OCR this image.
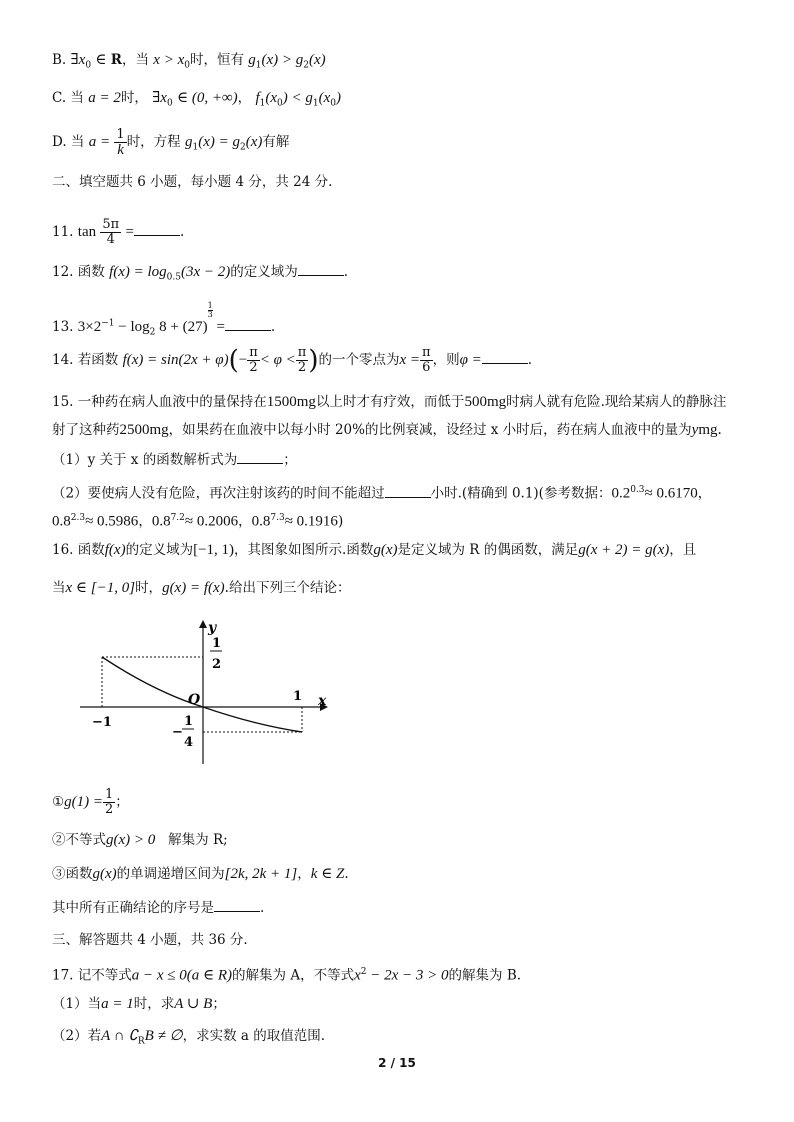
B. $\exists x_0$ ∈ R，当 $x > x_0$时，恒有 $g_1(x) > g_2(x)$
C. 当 a = 2时， $\exists x_0$ ∈ (0, +∞)， $f_1(x_0) < g_1(x_0)$
D. 当 $a = \frac{1}{k}$ 时，方程 $g_1(x) = g_2(x)$有解
二、填空题共 6 小题，每小题 4 分，共 24 分.
11. $\tan \frac{5\pi}{4}$ =	.
12. 函数 $f(x) = \log_{0.5}(3x - 2)$的定义域为	.
13. $3\times 2^{-1} - \log_2 8 + (27)$
$^{\frac{1}{3}}$
=	.
14. 若函数 $f(x) = \sin(2x + \varphi)(- \frac{\pi}{2} < \varphi < \frac{\pi}{2}$ )的一个零点为$x = \frac{\pi}{6}$ ，则φ =	.
15. 一种药在病人血液中的量保持在1500mg以上时才有疗效，而低于500mg时病人就有危险.现给某病人的静脉注
射了这种药2500mg，如果药在血液中以每小时 20%的比例衰减，设经过 x 小时后，药在病人血液中的量为ymg.
（1）y 关于 x 的函数解析式为	；
（2）要使病人没有危险，再次注射该药的时间不能超过	小时.(精确到 0.1)(参考数据：$0.2^{0.3}\approx 0.6170$，
$0.8^{2.3}\approx 0.5986$，$0.8^{7.2}\approx 0.2006$，$0.8^{7.3}\approx 0.1916$)
16. 函数f(x)的定义域为[−1, 1)，其图象如图所示.函数g(x)是定义域为 R 的偶函数，满足g(x + 2) = g(x)，且
当x ∈ [−1, 0]时，g(x) = f(x).给出下列三个结论：
y
x
O
1
2
1
−1
−
1
4
①g(1) = $\frac{1}{2}$ ；
②不等式g(x) > 0 解集为 R;
③函数g(x)的单调递增区间为[2k, 2k + 1]，k ∈ Z.
其中所有正确结论的序号是	.
三、解答题共 4 小题，共 36 分.
17. 记不等式a − x ≤ 0(a ∈ R)的解集为 A，不等式$x^2 - 2x - 3 > 0$的解集为 B.
（1）当a = 1时，求A ∪ B；
（2）若A ∩ $∁_RB$ ≠ ∅，求实数 a 的取值范围.
2 / 15
